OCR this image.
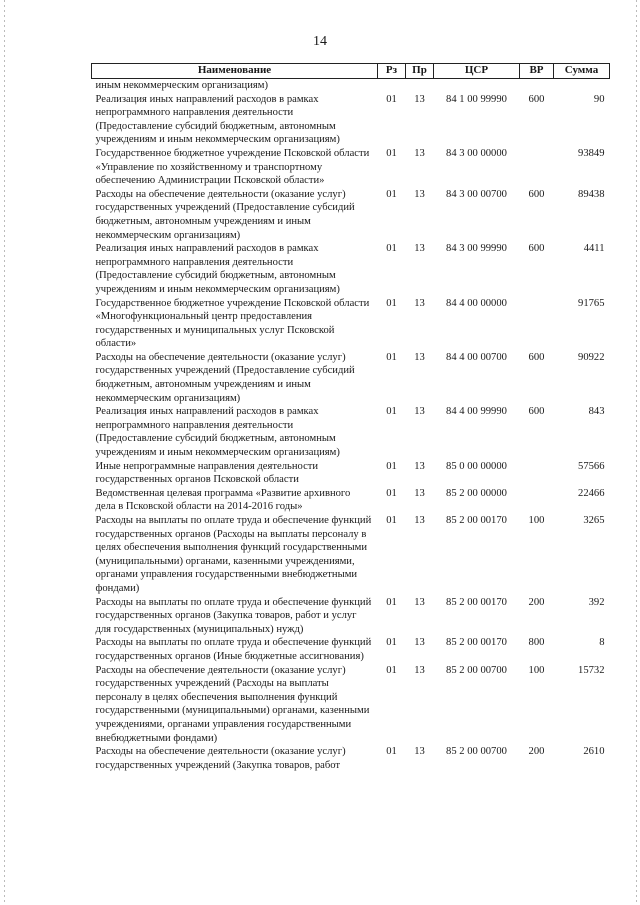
14
Наименование	Рз	Пр	ЦСР	ВР	Сумма
иным некоммерческим организациям)					
Реализация иных направлений расходов в рамках непрограммного направления деятельности (Предоставление субсидий бюджетным, автономным учреждениям и иным некоммерческим организациям)	01	13	84 1 00 99990	600	90
Государственное бюджетное учреждение Псковской области «Управление по хозяйственному и транспортному обеспечению Администрации Псковской области»	01	13	84 3 00 00000		93849
Расходы на обеспечение деятельности (оказание услуг) государственных учреждений (Предоставление субсидий бюджетным, автономным учреждениям и иным некоммерческим организациям)	01	13	84 3 00 00700	600	89438
Реализация иных направлений расходов в рамках непрограммного направления деятельности (Предоставление субсидий бюджетным, автономным учреждениям и иным некоммерческим организациям)	01	13	84 3 00 99990	600	4411
Государственное бюджетное учреждение Псковской области «Многофункциональный центр предоставления государственных и муниципальных услуг Псковской области»	01	13	84 4 00 00000		91765
Расходы на обеспечение деятельности (оказание услуг) государственных учреждений (Предоставление субсидий бюджетным, автономным учреждениям и иным некоммерческим организациям)	01	13	84 4 00 00700	600	90922
Реализация иных направлений расходов в рамках непрограммного направления деятельности (Предоставление субсидий бюджетным, автономным учреждениям и иным некоммерческим организациям)	01	13	84 4 00 99990	600	843
Иные непрограммные направления деятельности государственных органов Псковской области	01	13	85 0 00 00000		57566
Ведомственная целевая программа «Развитие архивного дела в Псковской области на 2014-2016 годы»	01	13	85 2 00 00000		22466
Расходы на выплаты по оплате труда и обеспечение функций государственных органов (Расходы на выплаты персоналу в целях обеспечения выполнения функций государственными (муниципальными) органами, казенными учреждениями, органами управления государственными внебюджетными фондами)	01	13	85 2 00 00170	100	3265
Расходы на выплаты по оплате труда и обеспечение функций государственных органов (Закупка товаров, работ и услуг для государственных (муниципальных) нужд)	01	13	85 2 00 00170	200	392
Расходы на выплаты по оплате труда и обеспечение функций государственных органов (Иные бюджетные ассигнования)	01	13	85 2 00 00170	800	8
Расходы на обеспечение деятельности (оказание услуг) государственных учреждений (Расходы на выплаты персоналу в целях обеспечения выполнения функций государственными (муниципальными) органами, казенными учреждениями, органами управления государственными внебюджетными фондами)	01	13	85 2 00 00700	100	15732
Расходы на обеспечение деятельности (оказание услуг) государственных учреждений (Закупка товаров, работ	01	13	85 2 00 00700	200	2610
